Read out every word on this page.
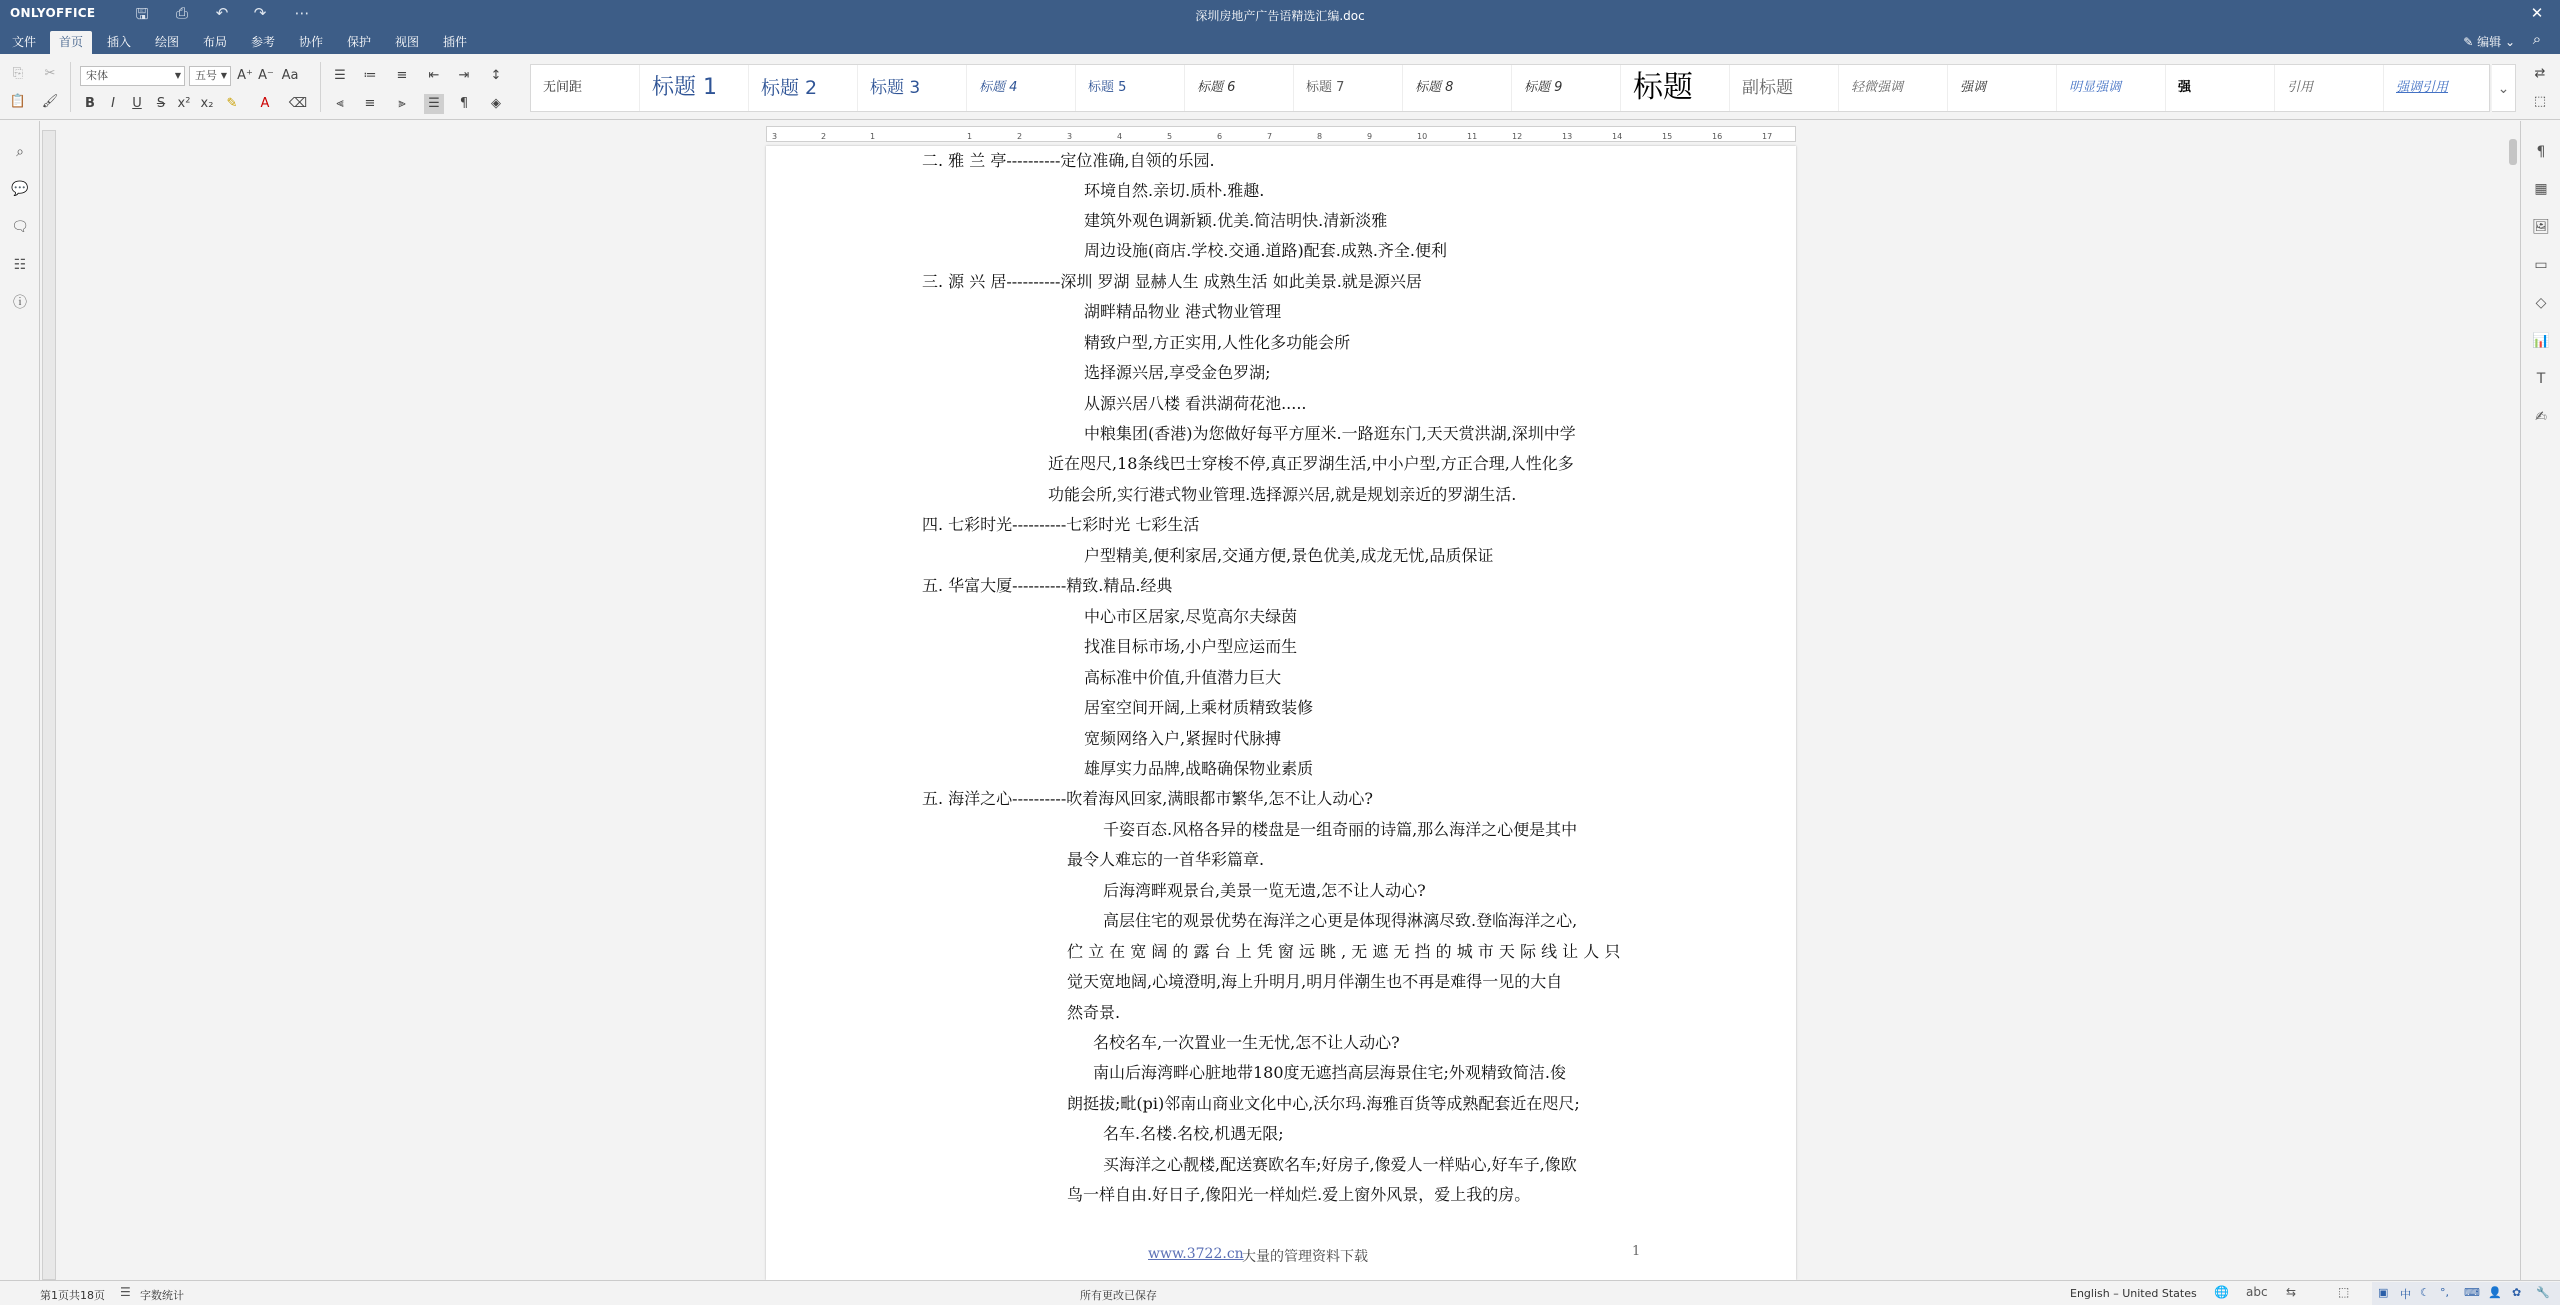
ONLYOFFICE	🖫 ⎙ ↶ ↷ ⋯	深圳房地产广告语精选汇编.doc	✕
文件	首页	插入	绘图	布局	参考	协作	保护	视图	插件	✎ 编辑 ⌄	⌕
⎘	✂
📋 🖌
宋体	▼	五号 ▼ A⁺ A⁻ Aa
B	I	U	S x² x₂	✎	A	⌫
☰	≔	≡	⇤	⇥	↕
⫷	≡	⫸	☰	¶	◈
无间距	标题 1	标题 2	标题 3	标题 4	标题 5	标题 6	标题 7	标题 8	标题 9	标题	副标题	轻微强调	强调	明显强调	强	引用	强调引用	⌄
⇄
⬚
⌕
💬
🗨
☷
ⓘ
3	2	1	1	2	3	4	5	6	7	8	9	10	11	12	13	14	15	16	17
二. 雅 兰 亭----------定位准确,自领的乐园.
环境自然.亲切.质朴.雅趣.
建筑外观色调新颖.优美.简洁明快.清新淡雅
周边设施(商店.学校.交通.道路)配套.成熟.齐全.便利
三. 源 兴 居----------深圳 罗湖 显赫人生 成熟生活 如此美景.就是源兴居
湖畔精品物业 港式物业管理
精致户型,方正实用,人性化多功能会所
选择源兴居,享受金色罗湖;
从源兴居八楼 看洪湖荷花池.....
中粮集团(香港)为您做好每平方厘米.一路逛东门,天天赏洪湖,深圳中学
近在咫尺,18条线巴士穿梭不停,真正罗湖生活,中小户型,方正合理,人性化多
功能会所,实行港式物业管理.选择源兴居,就是规划亲近的罗湖生活.
四. 七彩时光----------七彩时光 七彩生活
户型精美,便利家居,交通方便,景色优美,成龙无忧,品质保证
五. 华富大厦----------精致.精品.经典
中心市区居家,尽览高尔夫绿茵
找准目标市场,小户型应运而生
高标准中价值,升值潜力巨大
居室空间开阔,上乘材质精致装修
宽频网络入户,紧握时代脉搏
雄厚实力品牌,战略确保物业素质
五. 海洋之心----------吹着海风回家,满眼都市繁华,怎不让人动心?
千姿百态.风格各异的楼盘是一组奇丽的诗篇,那么海洋之心便是其中
最令人难忘的一首华彩篇章.
后海湾畔观景台,美景一览无遗,怎不让人动心?
高层住宅的观景优势在海洋之心更是体现得淋漓尽致.登临海洋之心,
伫 立 在 宽 阔 的 露 台 上 凭 窗 远 眺 , 无 遮 无 挡 的 城 市 天 际 线 让 人 只
觉天宽地阔,心境澄明,海上升明月,明月伴潮生也不再是难得一见的大自
然奇景.
名校名车,一次置业一生无忧,怎不让人动心?
南山后海湾畔心脏地带180度无遮挡高层海景住宅;外观精致简洁.俊
朗挺拔;毗(pi)邻南山商业文化中心,沃尔玛.海雅百货等成熟配套近在咫尺;
名车.名楼.名校,机遇无限;
买海洋之心靓楼,配送赛欧名车;好房子,像爱人一样贴心,好车子,像欧
鸟一样自由.好日子,像阳光一样灿烂.爱上窗外风景，爱上我的房。
www.3722.cn
大量的管理资料下载	1
¶
▦
🖼
▭
◇
📊
T
✍
第1页共18页 ☰ 字数统计	所有更改已保存	English – United States 🌐 abc ⇆	⬚	▣ 中 ☾ °, ⌨ 👤 ✿ 🔧
